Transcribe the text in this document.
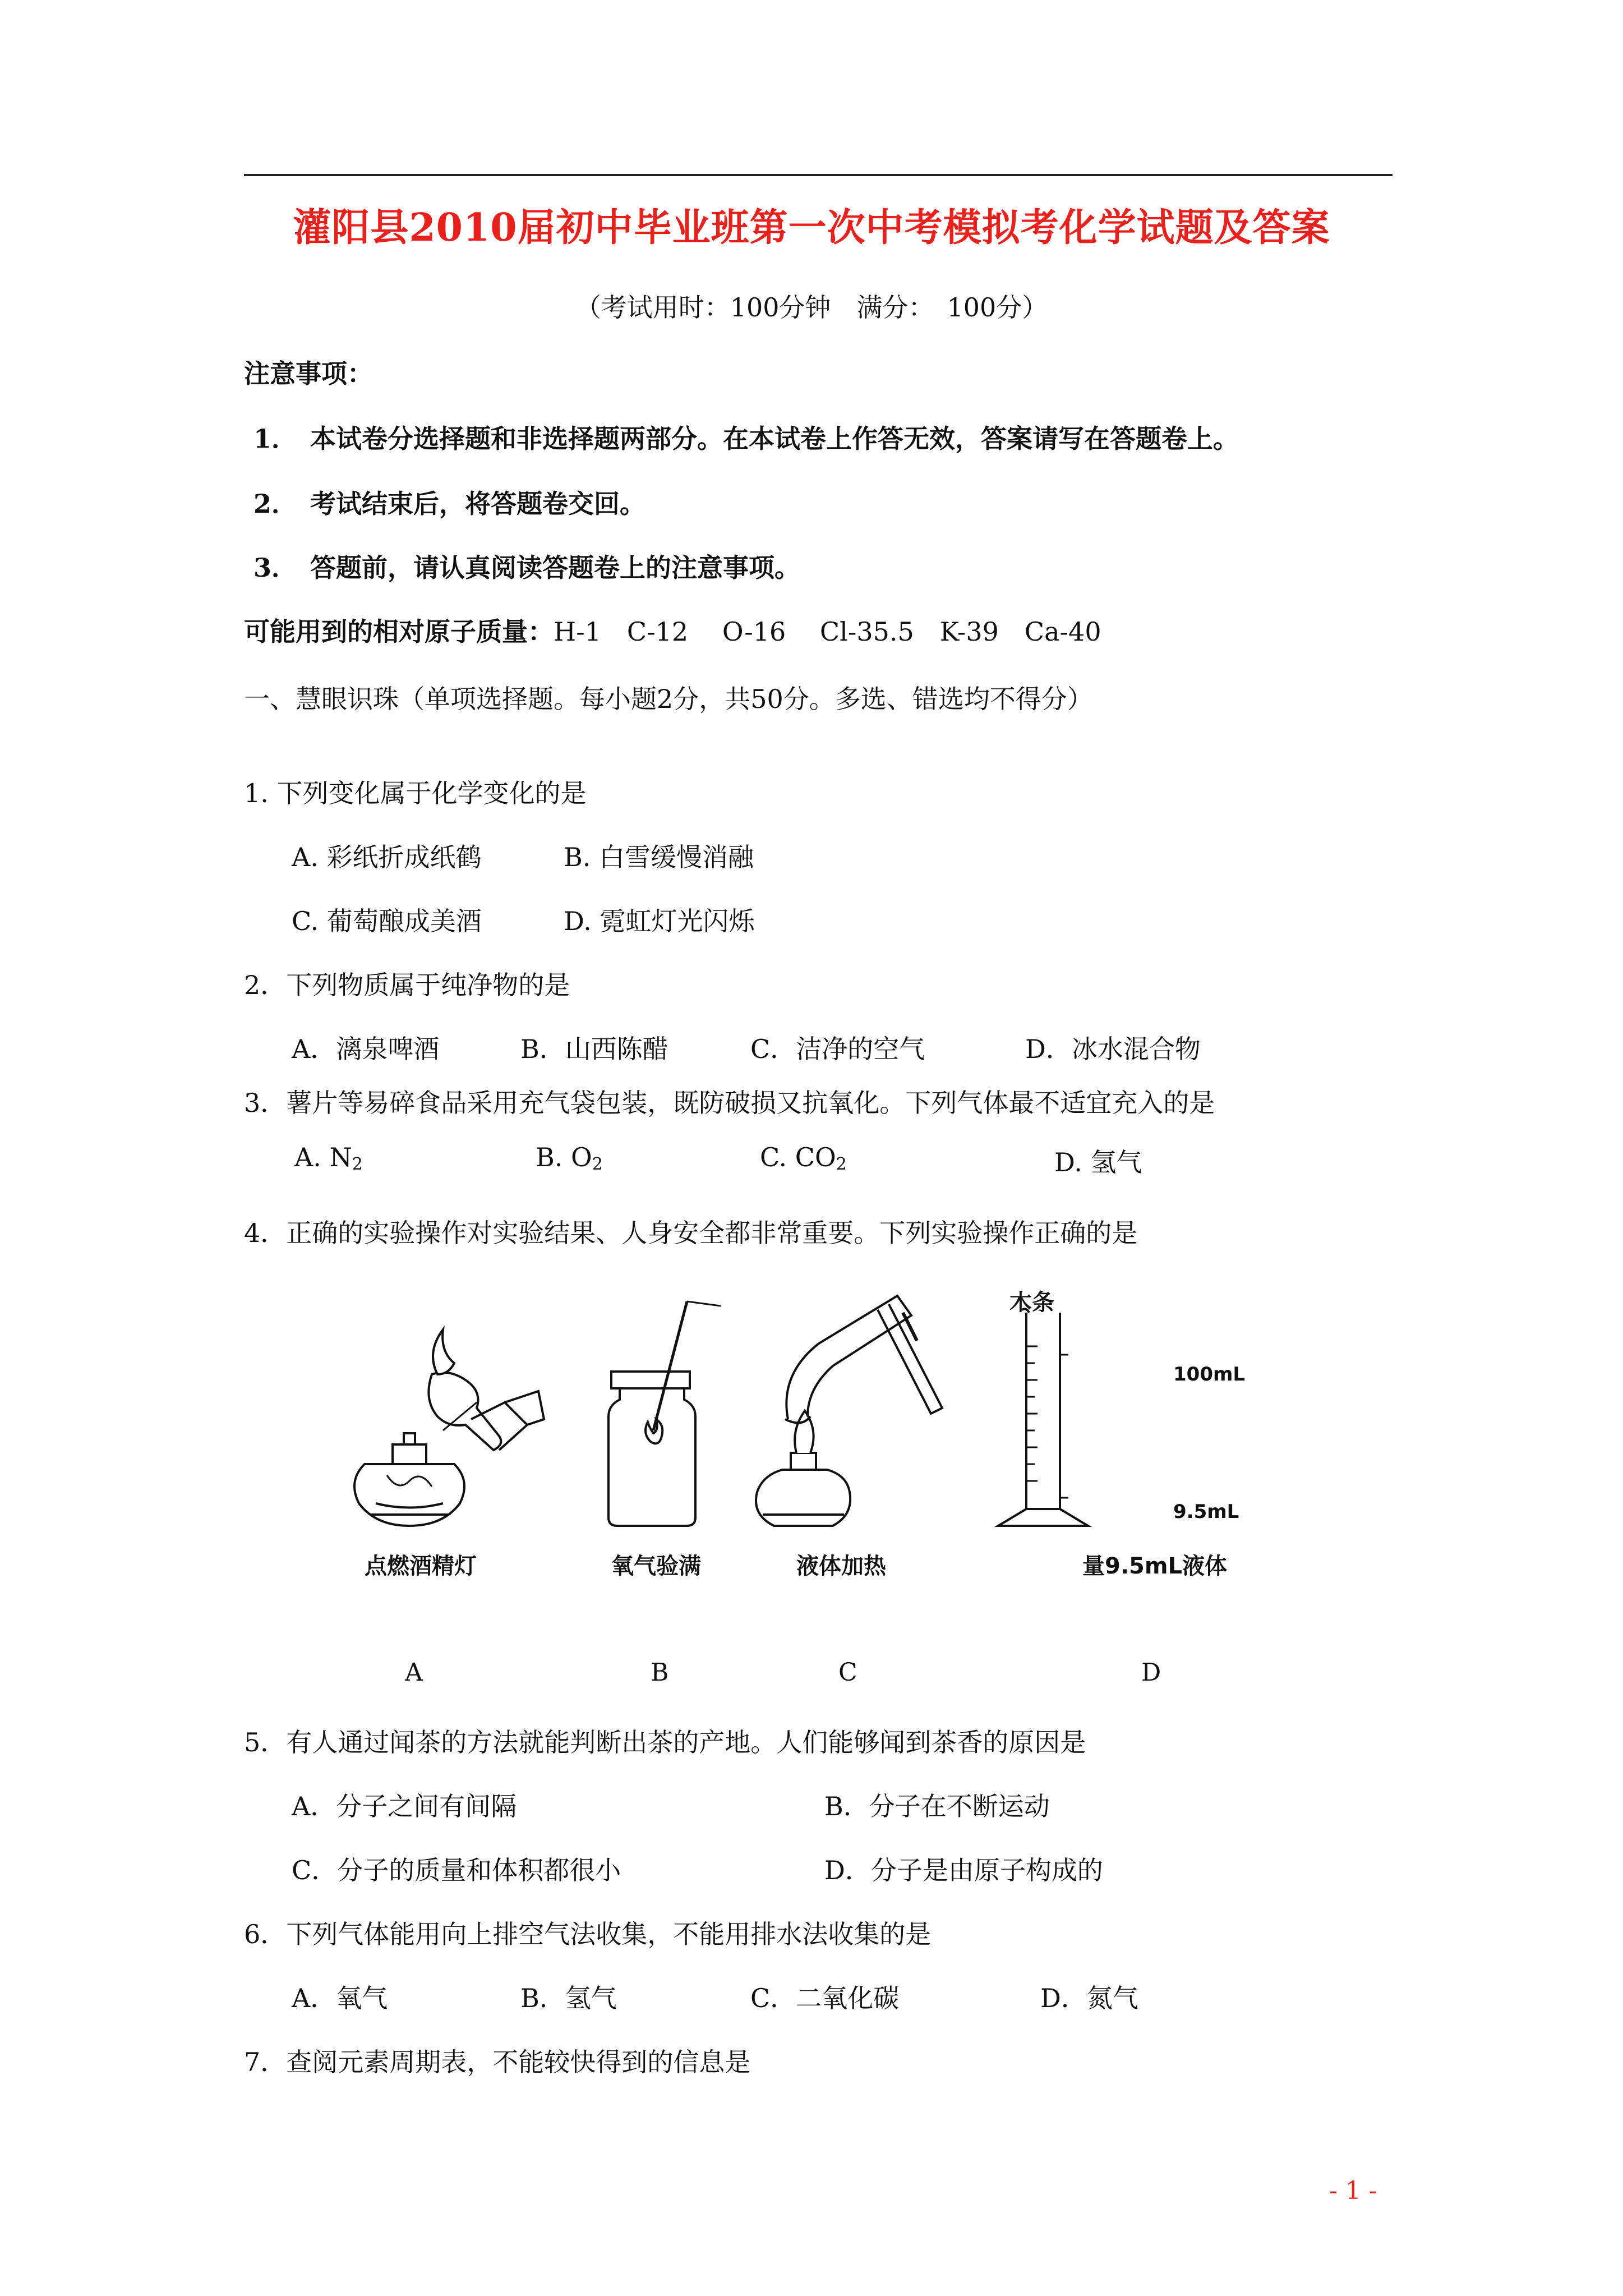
灌阳县2010届初中毕业班第一次中考模拟考化学试题及答案
（考试用时：100分钟　满分：　100分）
注意事项：
1．　本试卷分选择题和非选择题两部分。在本试卷上作答无效，答案请写在答题卷上。
2．　考试结束后，将答题卷交回。
3．　答题前，请认真阅读答题卷上的注意事项。
可能用到的相对原子质量：H-1　C-12　 O-16　 Cl-35.5　K-39　Ca-40
一、慧眼识珠（单项选择题。每小题2分，共50分。多选、错选均不得分）
1. 下列变化属于化学变化的是
A. 彩纸折成纸鹤	B. 白雪缓慢消融
C. 葡萄酿成美酒	D. 霓虹灯光闪烁
2．下列物质属于纯净物的是
A．漓泉啤酒	B．山西陈醋	C．洁净的空气	D．冰水混合物
3．薯片等易碎食品采用充气袋包装，既防破损又抗氧化。下列气体最不适宜充入的是
A. $N_2$	B. $O_2$	C. $CO_2$	D. 氢气
4．正确的实验操作对实验结果、人身安全都非常重要。下列实验操作正确的是
木条
100mL
9.5mL
点燃酒精灯	氧气验满	液体加热	量9.5mL液体
A	B	C	D
5．有人通过闻茶的方法就能判断出茶的产地。人们能够闻到茶香的原因是
A．分子之间有间隔	B．分子在不断运动
C．分子的质量和体积都很小	D．分子是由原子构成的
6．下列气体能用向上排空气法收集，不能用排水法收集的是
A．氧气	B．氢气	C．二氧化碳	D．氮气
7．查阅元素周期表，不能较快得到的信息是
- 1 -
